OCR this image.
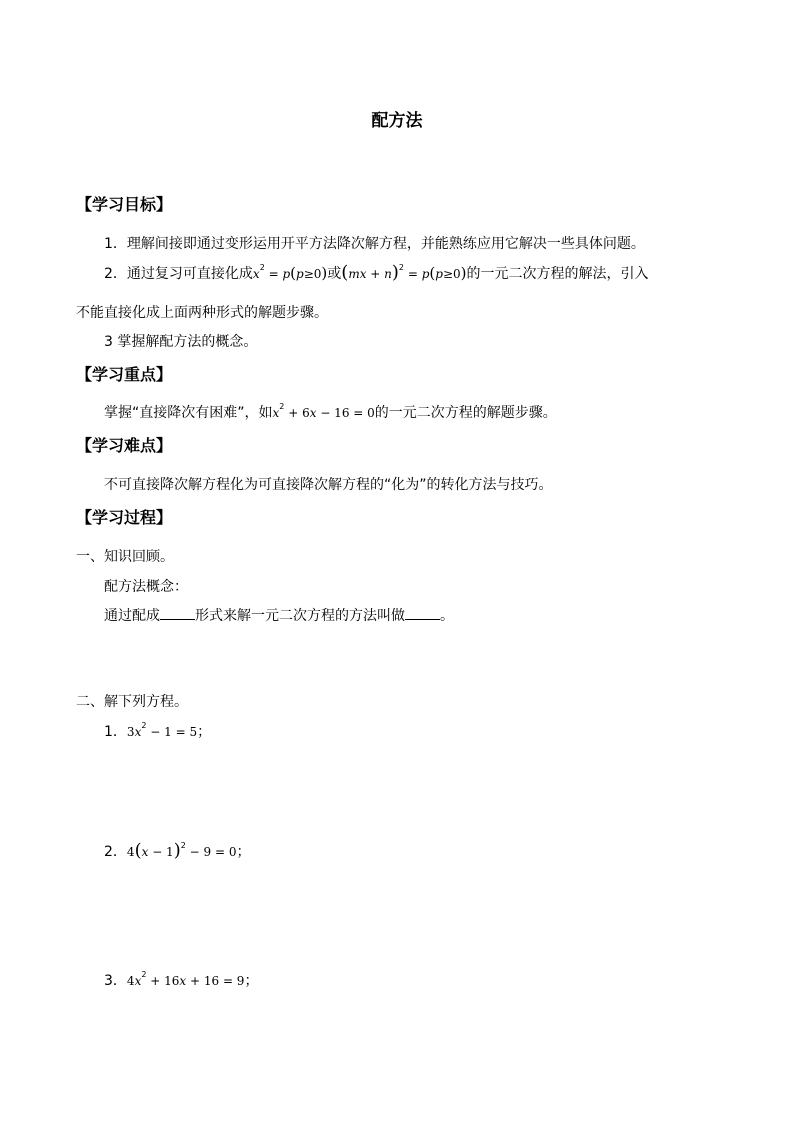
配方法
【学习目标】
1．理解间接即通过变形运用开平方法降次解方程，并能熟练应用它解决一些具体问题。
2．通过复习可直接化成$x^2 = p(p\ge 0)$或(mx + n)$^2$ = p(p≥0)的一元二次方程的解法，引入
不能直接化成上面两种形式的解题步骤。
3 掌握解配方法的概念。
【学习重点】
掌握“直接降次有困难”，如$x^2 + 6x - 16 = 0$的一元二次方程的解题步骤。
【学习难点】
不可直接降次解方程化为可直接降次解方程的“化为”的转化方法与技巧。
【学习过程】
一、知识回顾。
配方法概念：
通过配成	形式来解一元二次方程的方法叫做	。
二、解下列方程。
1．$3x^2 - 1 = 5$；
2．$4(x - 1)^2 - 9 = 0$；
3．$4x^2 + 16x + 16 = 9$；
